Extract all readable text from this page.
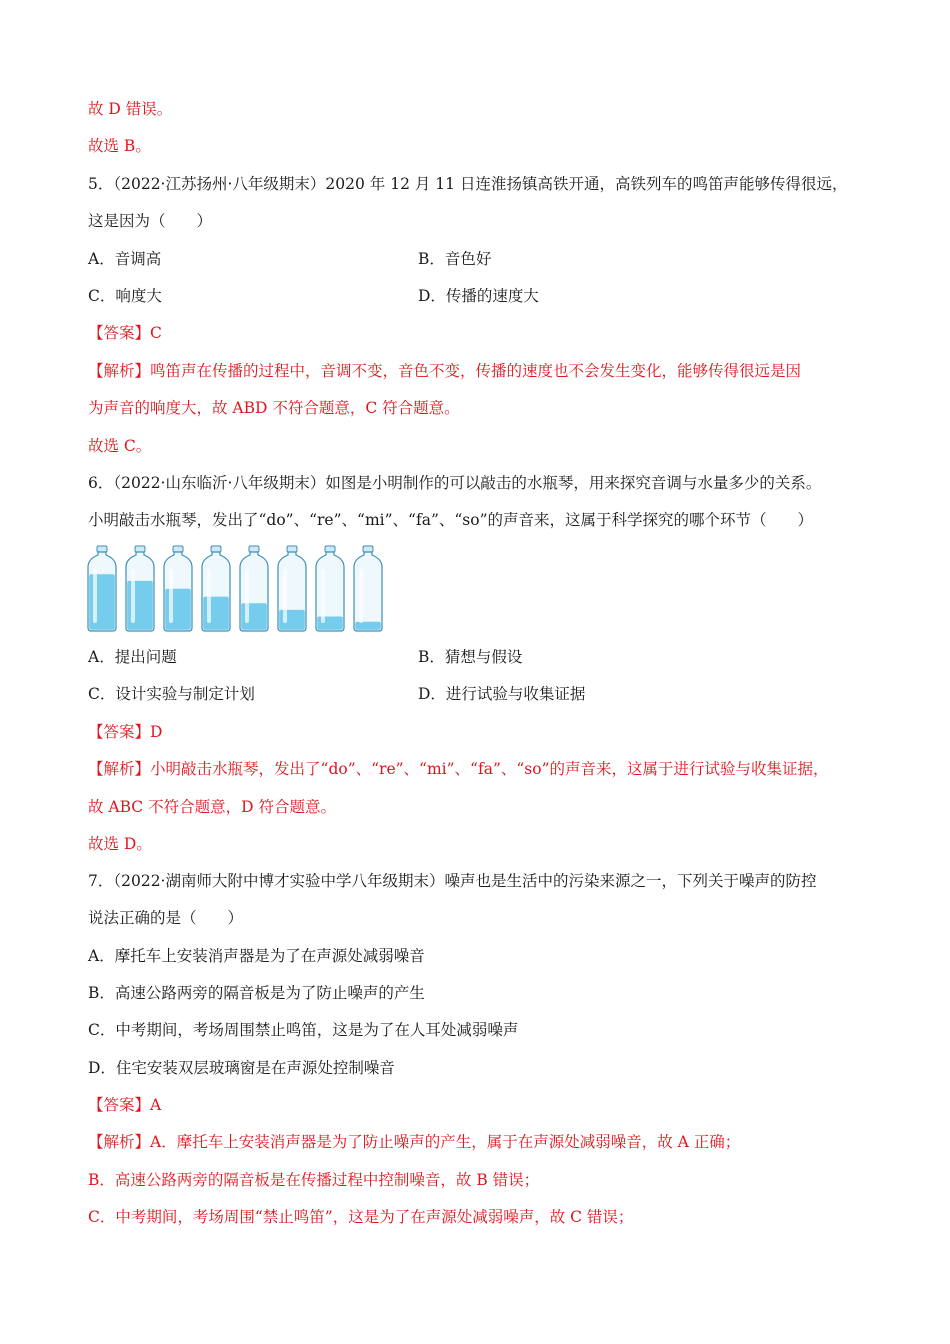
故 D 错误。
故选 B。
5．（2022·江苏扬州·八年级期末）2020 年 12 月 11 日连淮扬镇高铁开通，高铁列车的鸣笛声能够传得很远，
这是因为（　　）
A．音调高	B．音色好
C．响度大	D．传播的速度大
【答案】C
【解析】鸣笛声在传播的过程中，音调不变，音色不变，传播的速度也不会发生变化，能够传得很远是因
为声音的响度大，故 ABD 不符合题意，C 符合题意。
故选 C。
6．（2022·山东临沂·八年级期末）如图是小明制作的可以敲击的水瓶琴，用来探究音调与水量多少的关系。
小明敲击水瓶琴，发出了“do”、“re”、“mi”、“fa”、“so”的声音来，这属于科学探究的哪个环节（　　）
A．提出问题	B．猜想与假设
C．设计实验与制定计划	D．进行试验与收集证据
【答案】D
【解析】小明敲击水瓶琴，发出了“do”、“re”、“mi”、“fa”、“so”的声音来，这属于进行试验与收集证据，
故 ABC 不符合题意，D 符合题意。
故选 D。
7．（2022·湖南师大附中博才实验中学八年级期末）噪声也是生活中的污染来源之一，下列关于噪声的防控
说法正确的是（　　）
A．摩托车上安装消声器是为了在声源处减弱噪音
B．高速公路两旁的隔音板是为了防止噪声的产生
C．中考期间，考场周围禁止鸣笛，这是为了在人耳处减弱噪声
D．住宅安装双层玻璃窗是在声源处控制噪音
【答案】A
【解析】A．摩托车上安装消声器是为了防止噪声的产生，属于在声源处减弱噪音，故 A 正确；
B．高速公路两旁的隔音板是在传播过程中控制噪音，故 B 错误；
C．中考期间，考场周围“禁止鸣笛”，这是为了在声源处减弱噪声，故 C 错误；
